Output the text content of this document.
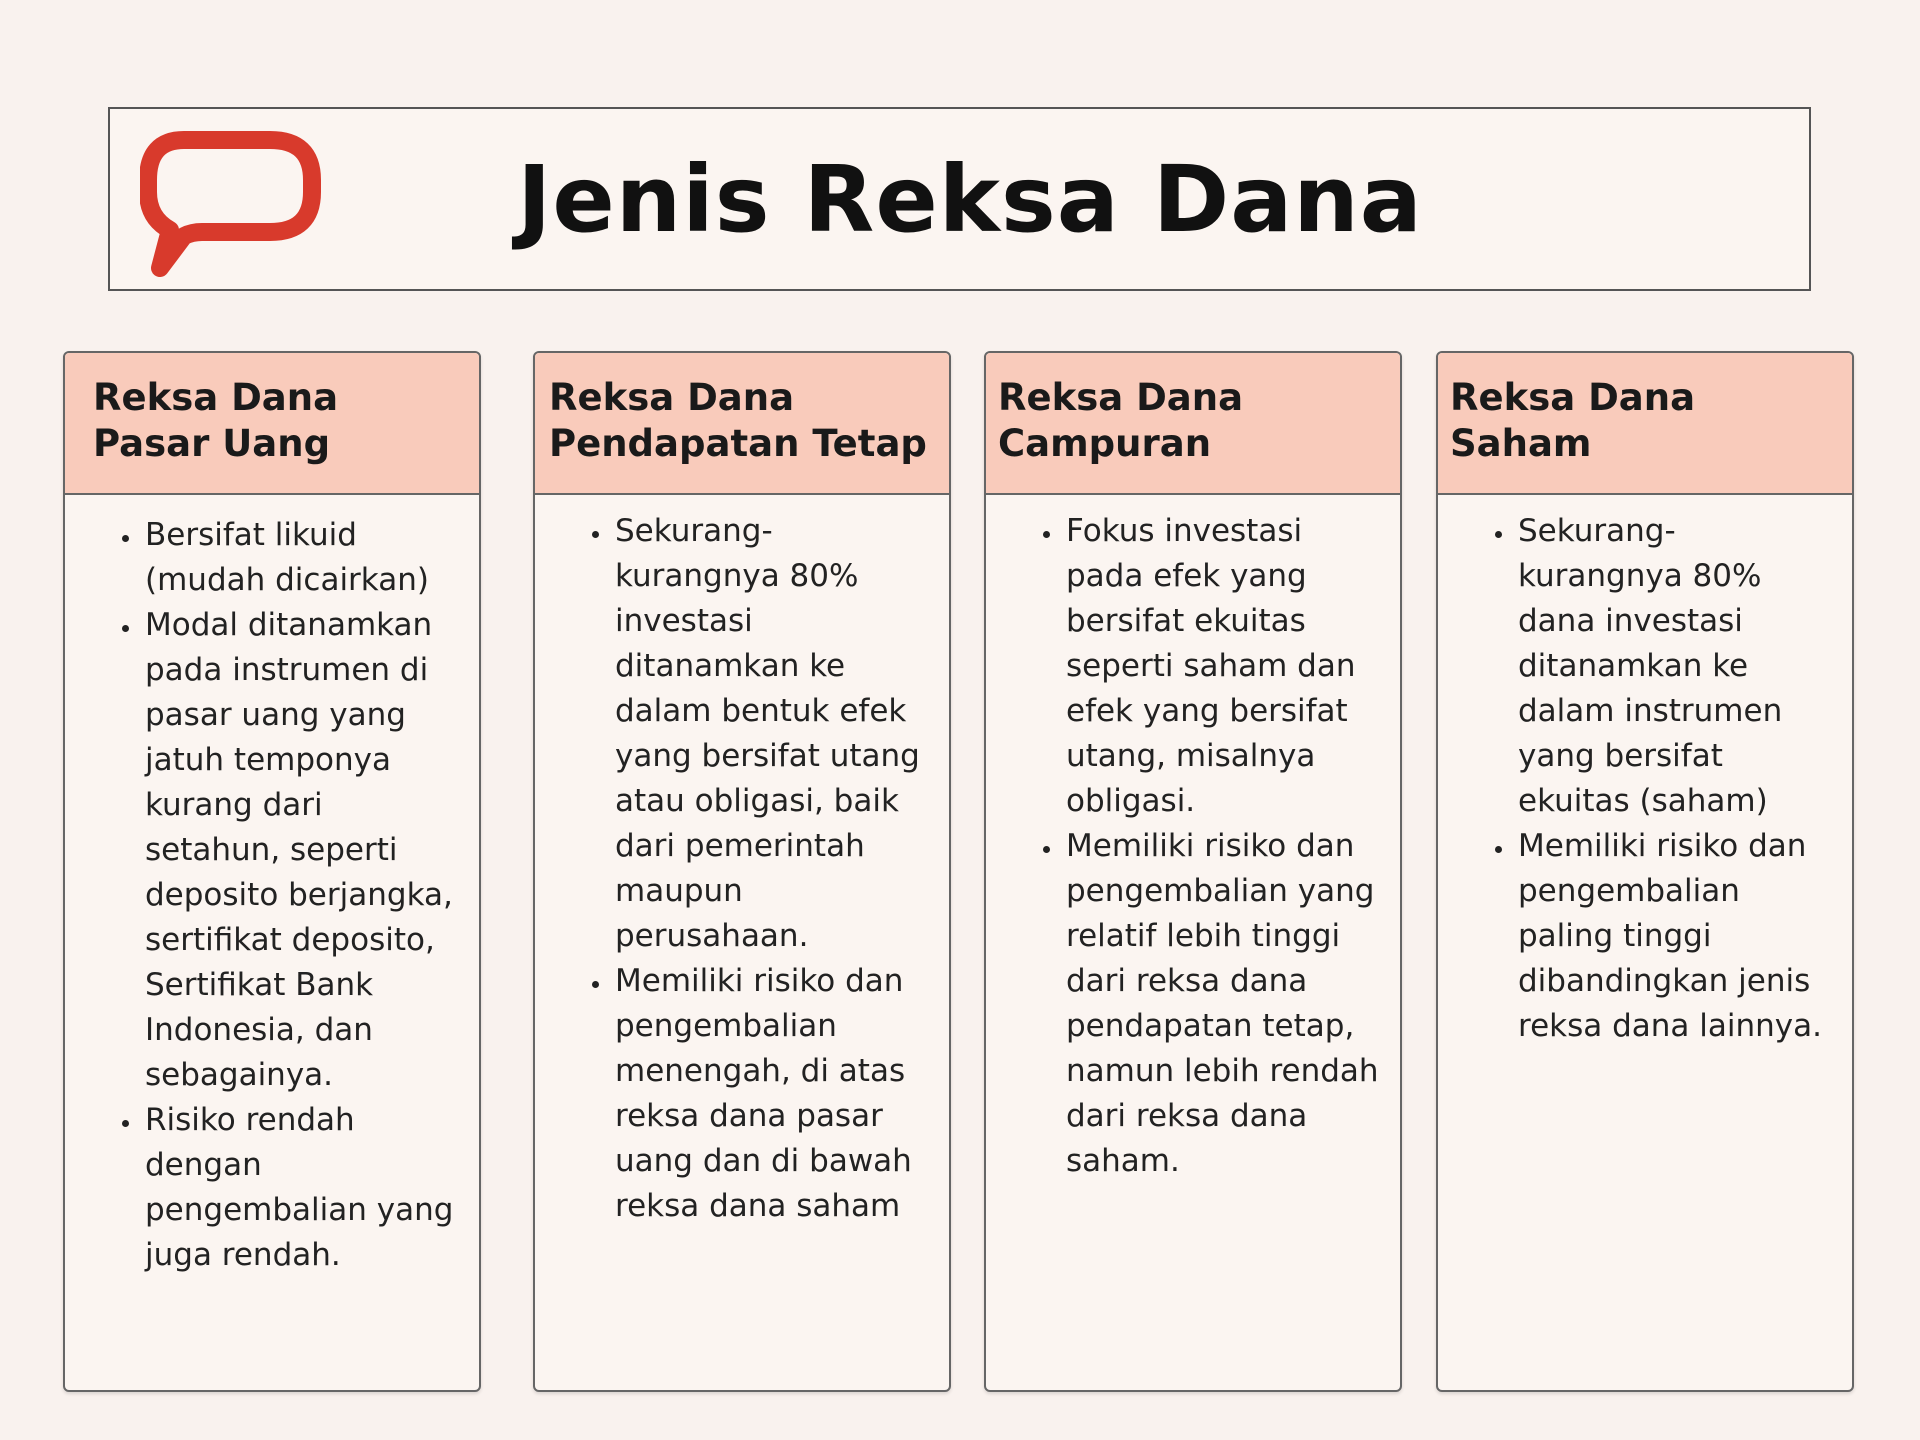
Jenis Reksa Dana
Reksa Dana
Pasar Uang
• Bersifat likuid (mudah dicairkan)
• Modal ditanamkan pada instrumen di pasar uang yang jatuh temponya kurang dari setahun, seperti deposito berjangka, sertifikat deposito, Sertifikat Bank Indonesia, dan sebagainya.
• Risiko rendah dengan pengembalian yang juga rendah.
Reksa Dana
Pendapatan Tetap
• Sekurang-kurangnya 80% investasi ditanamkan ke dalam bentuk efek yang bersifat utang atau obligasi, baik dari pemerintah maupun perusahaan.
• Memiliki risiko dan pengembalian menengah, di atas reksa dana pasar uang dan di bawah reksa dana saham
Reksa Dana
Campuran
• Fokus investasi pada efek yang bersifat ekuitas seperti saham dan efek yang bersifat utang, misalnya obligasi.
• Memiliki risiko dan pengembalian yang relatif lebih tinggi dari reksa dana pendapatan tetap, namun lebih rendah dari reksa dana saham.
Reksa Dana
Saham
• Sekurang-kurangnya 80% dana investasi ditanamkan ke dalam instrumen yang bersifat ekuitas (saham)
• Memiliki risiko dan pengembalian paling tinggi dibandingkan jenis reksa dana lainnya.
